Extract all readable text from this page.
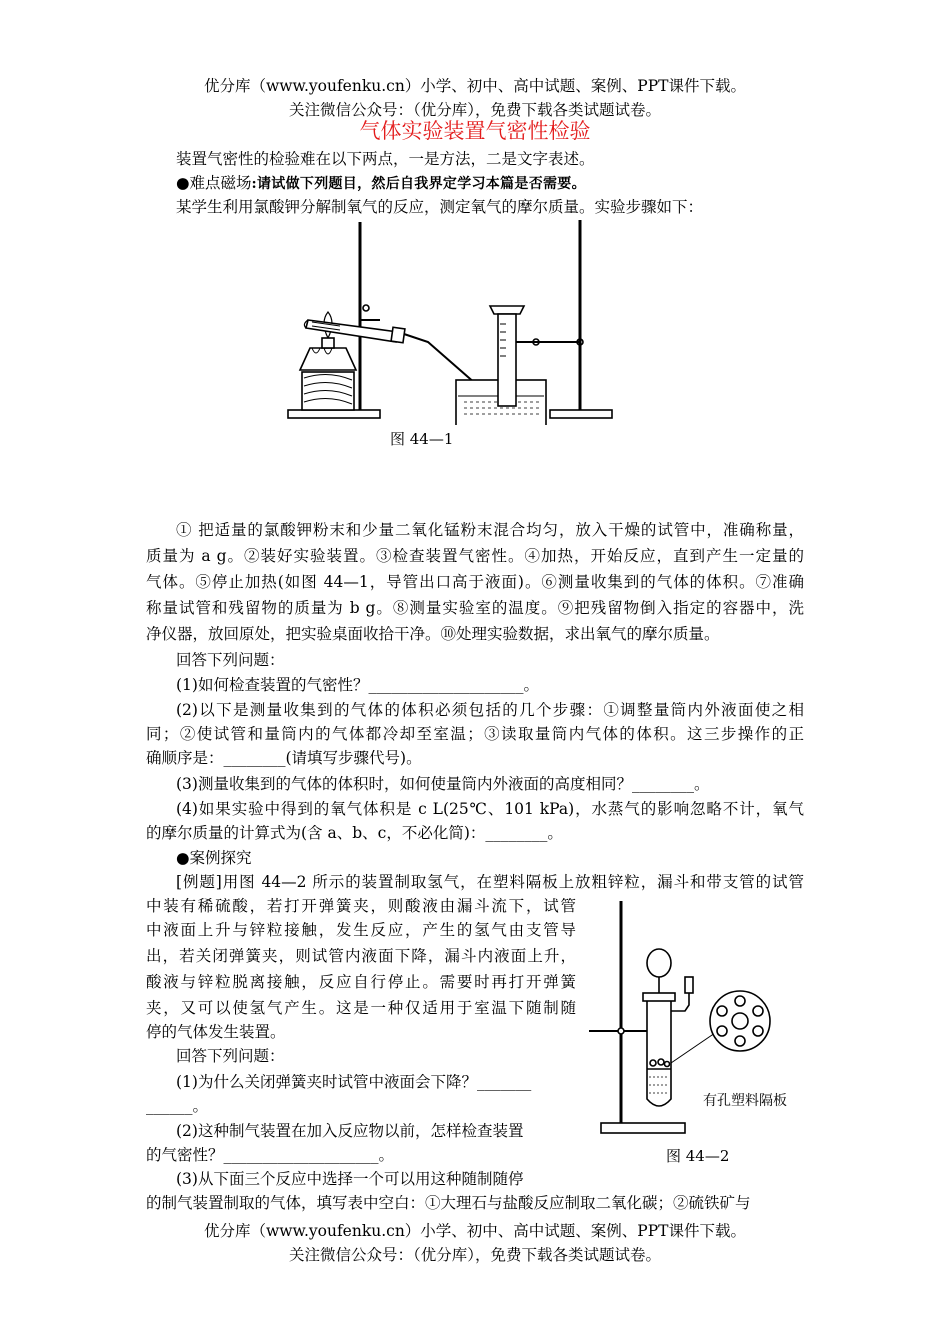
优分库（www.youfenku.cn）小学、初中、高中试题、案例、PPT课件下载。
关注微信公众号：（优分库），免费下载各类试题试卷。
气体实验装置气密性检验
装置气密性的检验难在以下两点，一是方法，二是文字表述。
●难点磁场:请试做下列题目，然后自我界定学习本篇是否需要。
某学生利用氯酸钾分解制氧气的反应，测定氧气的摩尔质量。实验步骤如下：
图 44—1
① 把适量的氯酸钾粉末和少量二氧化锰粉末混合均匀，放入干燥的试管中，准确称量，
质量为 a g。②装好实验装置。③检查装置气密性。④加热，开始反应，直到产生一定量的
气体。⑤停止加热(如图 44—1，导管出口高于液面)。⑥测量收集到的气体的体积。⑦准确
称量试管和残留物的质量为 b g。⑧测量实验室的温度。⑨把残留物倒入指定的容器中，洗
净仪器，放回原处，把实验桌面收拾干净。⑩处理实验数据，求出氧气的摩尔质量。
回答下列问题：
(1)如何检查装置的气密性？____________________。
(2)以下是测量收集到的气体的体积必须包括的几个步骤：①调整量筒内外液面使之相
同；②使试管和量筒内的气体都冷却至室温；③读取量筒内气体的体积。这三步操作的正
确顺序是：________(请填写步骤代号)。
(3)测量收集到的气体的体积时，如何使量筒内外液面的高度相同？________。
(4)如果实验中得到的氧气体积是 c L(25℃、101 kPa)，水蒸气的影响忽略不计，氧气
的摩尔质量的计算式为(含 a、b、c，不必化简)：________。
●案例探究
[例题]用图 44—2 所示的装置制取氢气，在塑料隔板上放粗锌粒，漏斗和带支管的试管
中装有稀硫酸，若打开弹簧夹，则酸液由漏斗流下，试管
中液面上升与锌粒接触，发生反应，产生的氢气由支管导
出，若关闭弹簧夹，则试管内液面下降，漏斗内液面上升，
酸液与锌粒脱离接触，反应自行停止。需要时再打开弹簧
夹，又可以使氢气产生。这是一种仅适用于室温下随制随
停的气体发生装置。
回答下列问题：
(1)为什么关闭弹簧夹时试管中液面会下降？_______
______。
(2)这种制气装置在加入反应物以前，怎样检查装置
的气密性？____________________。
(3)从下面三个反应中选择一个可以用这种随制随停
的制气装置制取的气体，填写表中空白：①大理石与盐酸反应制取二氧化碳；②硫铁矿与
有孔塑料隔板
图 44—2
优分库（www.youfenku.cn）小学、初中、高中试题、案例、PPT课件下载。
关注微信公众号：（优分库），免费下载各类试题试卷。
